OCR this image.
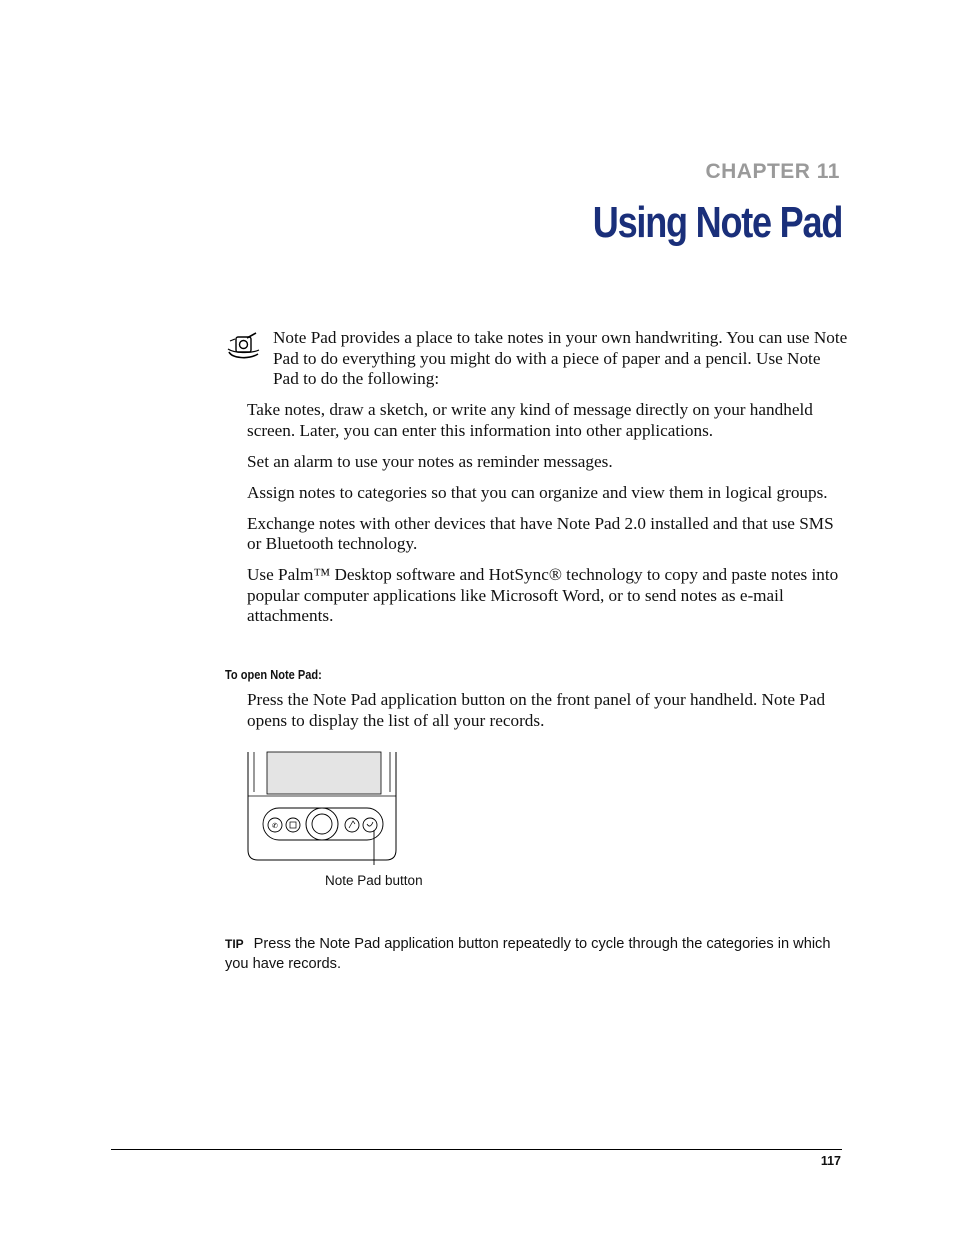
CHAPTER 11
Using Note Pad
Note Pad provides a place to take notes in your own handwriting. You can use Note Pad to do everything you might do with a piece of paper and a pencil. Use Note Pad to do the following:

Take notes, draw a sketch, or write any kind of message directly on your handheld screen. Later, you can enter this information into other applications.

Set an alarm to use your notes as reminder messages.

Assign notes to categories so that you can organize and view them in logical groups.

Exchange notes with other devices that have Note Pad 2.0 installed and that use SMS or Bluetooth technology.

Use Palm™ Desktop software and HotSync® technology to copy and paste notes into popular computer applications like Microsoft Word, or to send notes as e-mail attachments.

To open Note Pad:
Press the Note Pad application button on the front panel of your handheld. Note Pad opens to display the list of all your records.
✆
Note Pad button
TIP Press the Note Pad application button repeatedly to cycle through the categories in which you have records.
117
